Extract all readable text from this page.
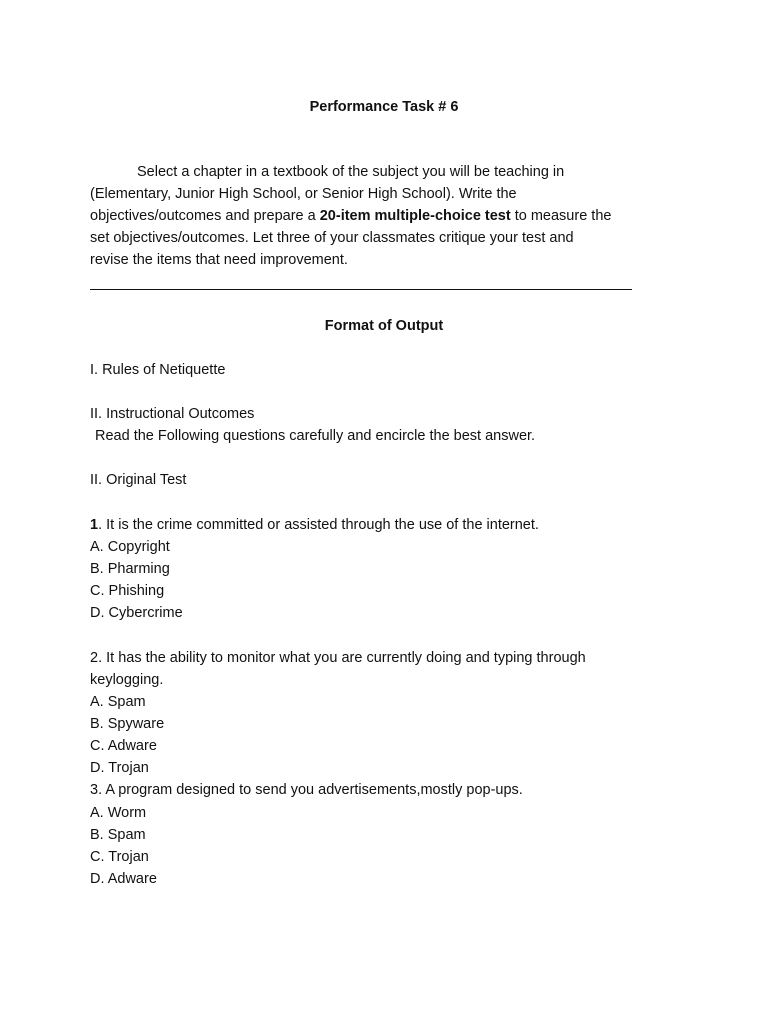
Performance Task # 6
Select a chapter in a textbook of the subject you will be teaching in
(Elementary, Junior High School, or Senior High School). Write the
objectives/outcomes and prepare a 20-item multiple-choice test to measure the
set objectives/outcomes. Let three of your classmates critique your test and
revise the items that need improvement.
Format of Output
I. Rules of Netiquette
II. Instructional Outcomes
Read the Following questions carefully and encircle the best answer.
II. Original Test
1. It is the crime committed or assisted through the use of the internet.
A. Copyright
B. Pharming
C. Phishing
D. Cybercrime
2. It has the ability to monitor what you are currently doing and typing through
keylogging.
A. Spam
B. Spyware
C. Adware
D. Trojan
3. A program designed to send you advertisements,mostly pop-ups.
A. Worm
B. Spam
C. Trojan
D. Adware
